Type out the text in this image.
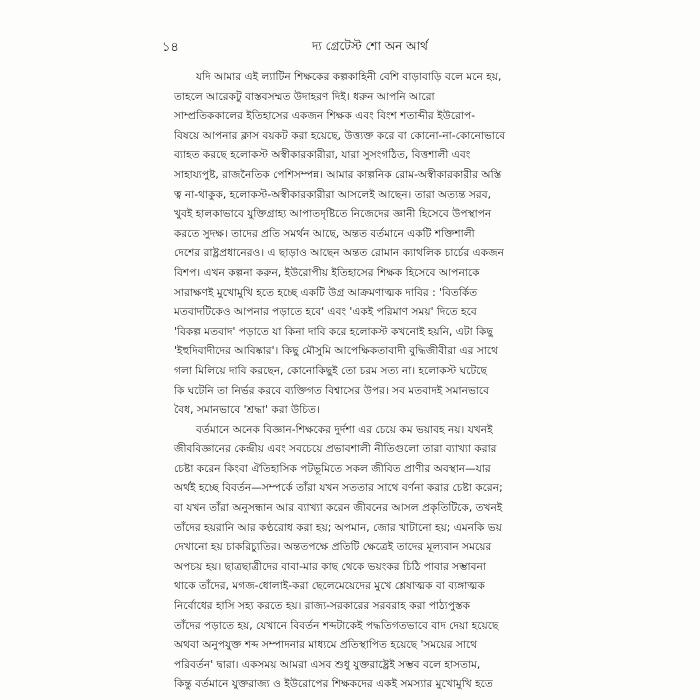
১৪	দ্য গ্রেটেস্ট শো অন আর্থ

যদি আমার এই ল্যাটিন শিক্ষকের কল্পকাহিনী বেশি বাড়াবাড়ি বলে মনে হয়,

তাহলে আরেকটু বাস্তবসম্মত উদাহরণ দিই। ধরুন আপনি আরো

সাম্প্রতিককালের ইতিহাসের একজন শিক্ষক এবং বিংশ শতাব্দীর ইউরোপ-

বিষয়ে আপনার ক্লাস বয়কট করা হয়েছে, উত্ত্যক্ত করে বা কোনো-না-কোনোভাবে

ব্যাহত করছে হলোকস্ট অস্বীকারকারীরা, যারা সুসংগঠিত, বিত্তশালী এবং

সাহায্যপুষ্ট, রাজনৈতিক পেশিসম্পন্ন। আমার কাল্পনিক রোম-অস্বীকারকারীর অস্তি

ত্ব না-থাকুক, হলোকস্ট-অস্বীকারকারীরা আসলেই আছেন। তারা অত্যন্ত সরব,

খুবই হালকাভাবে যুক্তিগ্রাহ্য আপাতদৃষ্টিতে নিজেদের জ্ঞানী হিসেবে উপস্থাপন

করতে সুদক্ষ। তাদের প্রতি সমর্থন আছে, অন্তত বর্তমানে একটি শক্তিশালী

দেশের রাষ্ট্রপ্রধানেরও। এ ছাড়াও আছেন অন্তত রোমান ক্যাথলিক চার্চের একজন

বিশপ। এখন কল্পনা করুন, ইউরোপীয় ইতিহাসের শিক্ষক হিসেবে আপনাকে

সারাক্ষণই মুখোমুখি হতে হচ্ছে একটি উগ্র আক্রমণাত্মক দাবির : 'বিতর্কিত

মতবাদটিকেও আপনার পড়াতে হবে' এবং 'একই পরিমাণ সময়' দিতে হবে

'বিকল্প মতবাদ' পড়াতে যা কিনা দাবি করে হলোকস্ট কখনোই হয়নি, এটা কিছু

'ইহুদিবাদীদের আবিষ্কার'। কিছু মৌসুমি আপেক্ষিকতাবাদী বুদ্ধিজীবীরা এর সাথে

গলা মিলিয়ে দাবি করছেন, কোনোকিছুই তো চরম সত্য না। হলোকস্ট ঘটেছে

কি ঘটেনি তা নির্ভর করবে ব্যক্তিগত বিশ্বাসের উপর। সব মতবাদই সমানভাবে

বৈধ, সমানভাবে 'শ্রদ্ধা' করা উচিত।

বর্তমানে অনেক বিজ্ঞান-শিক্ষকের দুর্দশা এর চেয়ে কম ভয়াবহ নয়। যখনই

জীববিজ্ঞানের কেন্দ্রীয় এবং সবচেয়ে প্রভাবশালী নীতিগুলো তারা ব্যাখ্যা করার

চেষ্টা করেন কিংবা ঐতিহাসিক পটভূমিতে সকল জীবিত প্রাণীর অবস্থান—যার

অর্থই হচ্ছে বিবর্তন—সম্পর্কে তাঁরা যখন সততার সাথে বর্ণনা করার চেষ্টা করেন;

বা যখন তাঁরা অনুসন্ধান আর ব্যাখ্যা করেন জীবনের আসল প্রকৃতিটিকে, তখনই

তাঁদের হয়রানি আর কণ্ঠরোধ করা হয়; অপমান, জোর খাটানো হয়; এমনকি ভয়

দেখানো হয় চাকরিচ্যুতির। অন্ততপক্ষে প্রতিটি ক্ষেত্রেই তাদের মূল্যবান সময়ের

অপচয় হয়। ছাত্রছাত্রীদের বাবা-মার কাছ থেকে ভয়ংকর চিঠি পাবার সম্ভাবনা

থাকে তাঁদের, মগজ-ধোলাই-করা ছেলেমেয়েদের মুখে শ্লেষাত্মক বা ব্যঙ্গাত্মক

নির্বোধের হাসি সহ্য করতে হয়। রাজ্য-সরকারের সরবরাহ করা পাঠ্যপুস্তক

তাঁদের পড়াতে হয়, যেখানে বিবর্তন শব্দটাকেই পদ্ধতিগতভাবে বাদ দেয়া হয়েছে

অথবা অনুপযুক্ত শব্দ সম্পাদনার মাধ্যমে প্রতিস্থাপিত হয়েছে 'সময়ের সাথে

পরিবর্তন' দ্বারা। একসময় আমরা এসব শুধু যুক্তরাষ্ট্রেই সম্ভব বলে হাসতাম,

কিন্তু বর্তমানে যুক্তরাজ্য ও ইউরোপের শিক্ষকদের একই সমস্যার মুখোমুখি হতে
